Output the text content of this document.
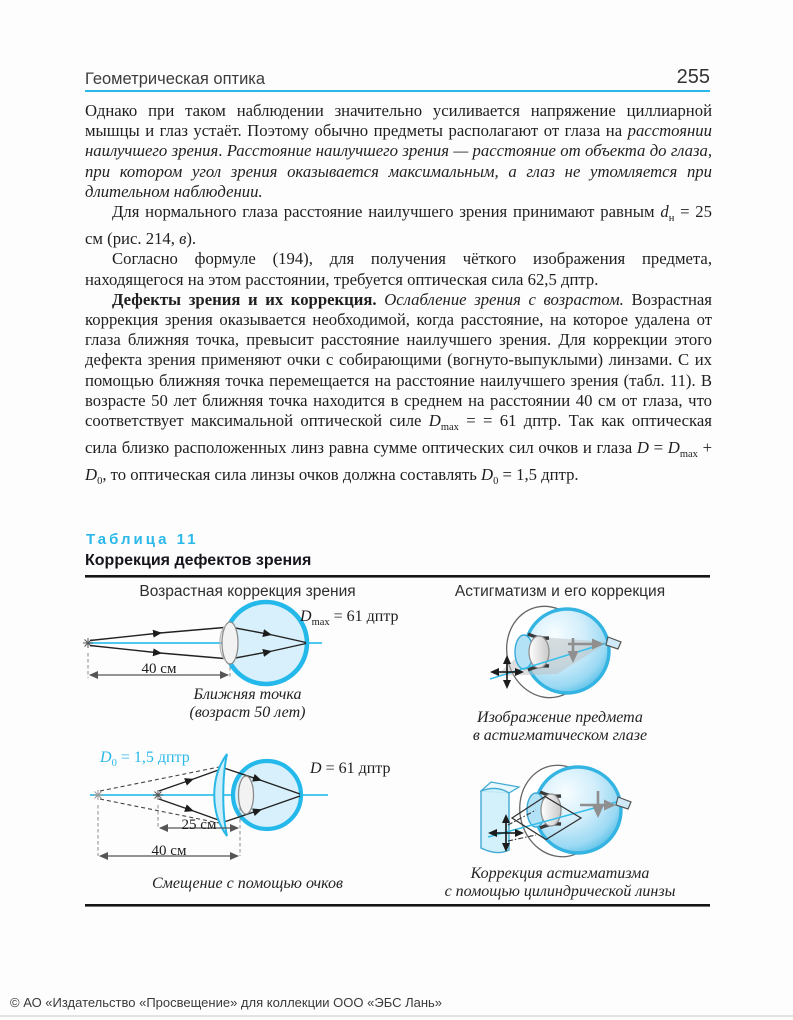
Геометрическая оптика	255

Однако при таком наблюдении значительно усиливается напряжение циллиарной мышцы и глаз устаёт. Поэтому обычно предметы располагают от глаза на расстоянии наилучшего зрения. Расстояние наилучшего зрения — расстояние от объекта до глаза, при котором угол зрения оказывается максимальным, а глаз не утомляется при длительном наблюдении.

Для нормального глаза расстояние наилучшего зрения принимают равным $d_н = 25$ см (рис. 214, в).

Согласно формуле (194), для получения чёткого изображения предмета, находящегося на этом расстоянии, требуется оптическая сила 62,5 дптр.

Дефекты зрения и их коррекция. Ослабление зрения с возрастом. Возрастная коррекция зрения оказывается необходимой, когда расстояние, на которое удалена от глаза ближняя точка, превысит расстояние наилучшего зрения. Для коррекции этого дефекта зрения применяют очки с собирающими (вогнуто-выпуклыми) линзами. С их помощью ближняя точка перемещается на расстояние наилучшего зрения (табл. 11). В возрасте 50 лет ближняя точка находится в среднем на расстоянии 40 см от глаза, что соответствует максимальной оптической силе $D_{max}$ = = 61 дптр. Так как оптическая сила близко расположенных линз равна сумме оптических сил очков и глаза $D = D_{max} + D_0$, то оптическая сила линзы очков должна составлять $D_0 = 1,5$ дптр.

Таблица 11
Коррекция дефектов зрения
Возрастная коррекция зрения	Астигматизм и его коррекция
$D_{max} = 61$ дптр
40 см
Ближняя точка
(возраст 50 лет)
$D_0 = 1,5$ дптр
D = 61 дптр
25 см
40 см
Смещение с помощью очков
Изображение предмета
в астигматическом глазе
Коррекция астигматизма
с помощью цилиндрической линзы
© АО «Издательство «Просвещение» для коллекции ООО «ЭБС Лань»
